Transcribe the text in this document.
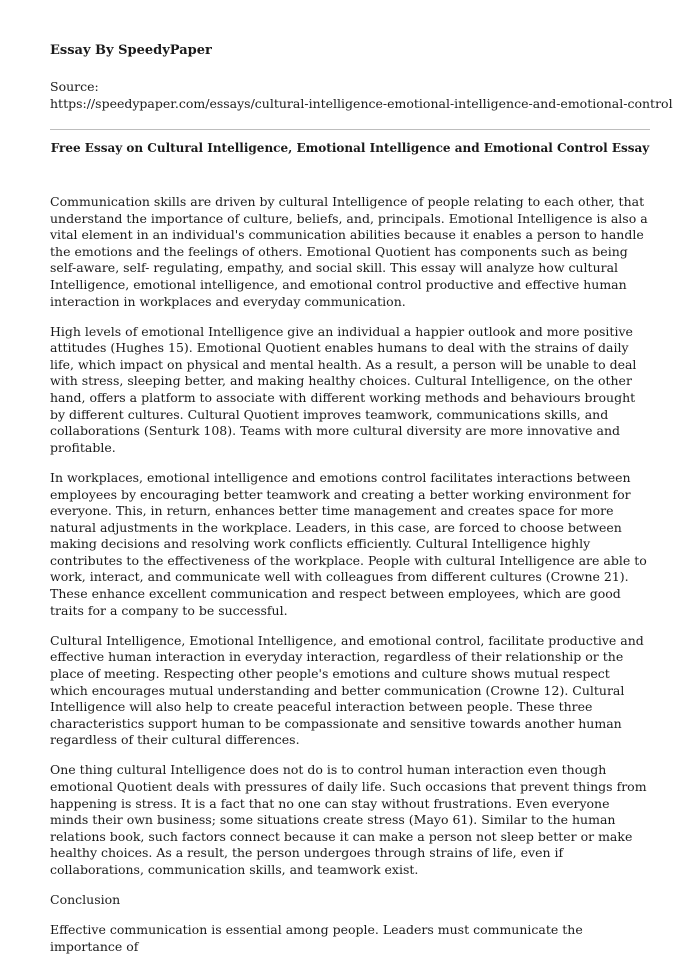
Essay By SpeedyPaper
Source:
https://speedypaper.com/essays/cultural-intelligence-emotional-intelligence-and-emotional-control
Free Essay on Cultural Intelligence, Emotional Intelligence and Emotional Control Essay

Communication skills are driven by cultural Intelligence of people relating to each other, that understand the importance of culture, beliefs, and, principals. Emotional Intelligence is also a vital element in an individual's communication abilities because it enables a person to handle the emotions and the feelings of others. Emotional Quotient has components such as being self-aware, self- regulating, empathy, and social skill. This essay will analyze how cultural Intelligence, emotional intelligence, and emotional control productive and effective human interaction in workplaces and everyday communication.

High levels of emotional Intelligence give an individual a happier outlook and more positive attitudes (Hughes 15). Emotional Quotient enables humans to deal with the strains of daily life, which impact on physical and mental health. As a result, a person will be unable to deal with stress, sleeping better, and making healthy choices. Cultural Intelligence, on the other hand, offers a platform to associate with different working methods and behaviours brought by different cultures. Cultural Quotient improves teamwork, communications skills, and collaborations (Senturk 108). Teams with more cultural diversity are more innovative and profitable.

In workplaces, emotional intelligence and emotions control facilitates interactions between employees by encouraging better teamwork and creating a better working environment for everyone. This, in return, enhances better time management and creates space for more natural adjustments in the workplace. Leaders, in this case, are forced to choose between making decisions and resolving work conflicts efficiently. Cultural Intelligence highly contributes to the effectiveness of the workplace. People with cultural Intelligence are able to work, interact, and communicate well with colleagues from different cultures (Crowne 21). These enhance excellent communication and respect between employees, which are good traits for a company to be successful.

Cultural Intelligence, Emotional Intelligence, and emotional control, facilitate productive and effective human interaction in everyday interaction, regardless of their relationship or the place of meeting. Respecting other people's emotions and culture shows mutual respect which encourages mutual understanding and better communication (Crowne 12). Cultural Intelligence will also help to create peaceful interaction between people. These three characteristics support human to be compassionate and sensitive towards another human regardless of their cultural differences.

One thing cultural Intelligence does not do is to control human interaction even though emotional Quotient deals with pressures of daily life. Such occasions that prevent things from happening is stress. It is a fact that no one can stay without frustrations. Even everyone minds their own business; some situations create stress (Mayo 61). Similar to the human relations book, such factors connect because it can make a person not sleep better or make healthy choices. As a result, the person undergoes through strains of life, even if collaborations, communication skills, and teamwork exist.

Conclusion

Effective communication is essential among people. Leaders must communicate the importance of
